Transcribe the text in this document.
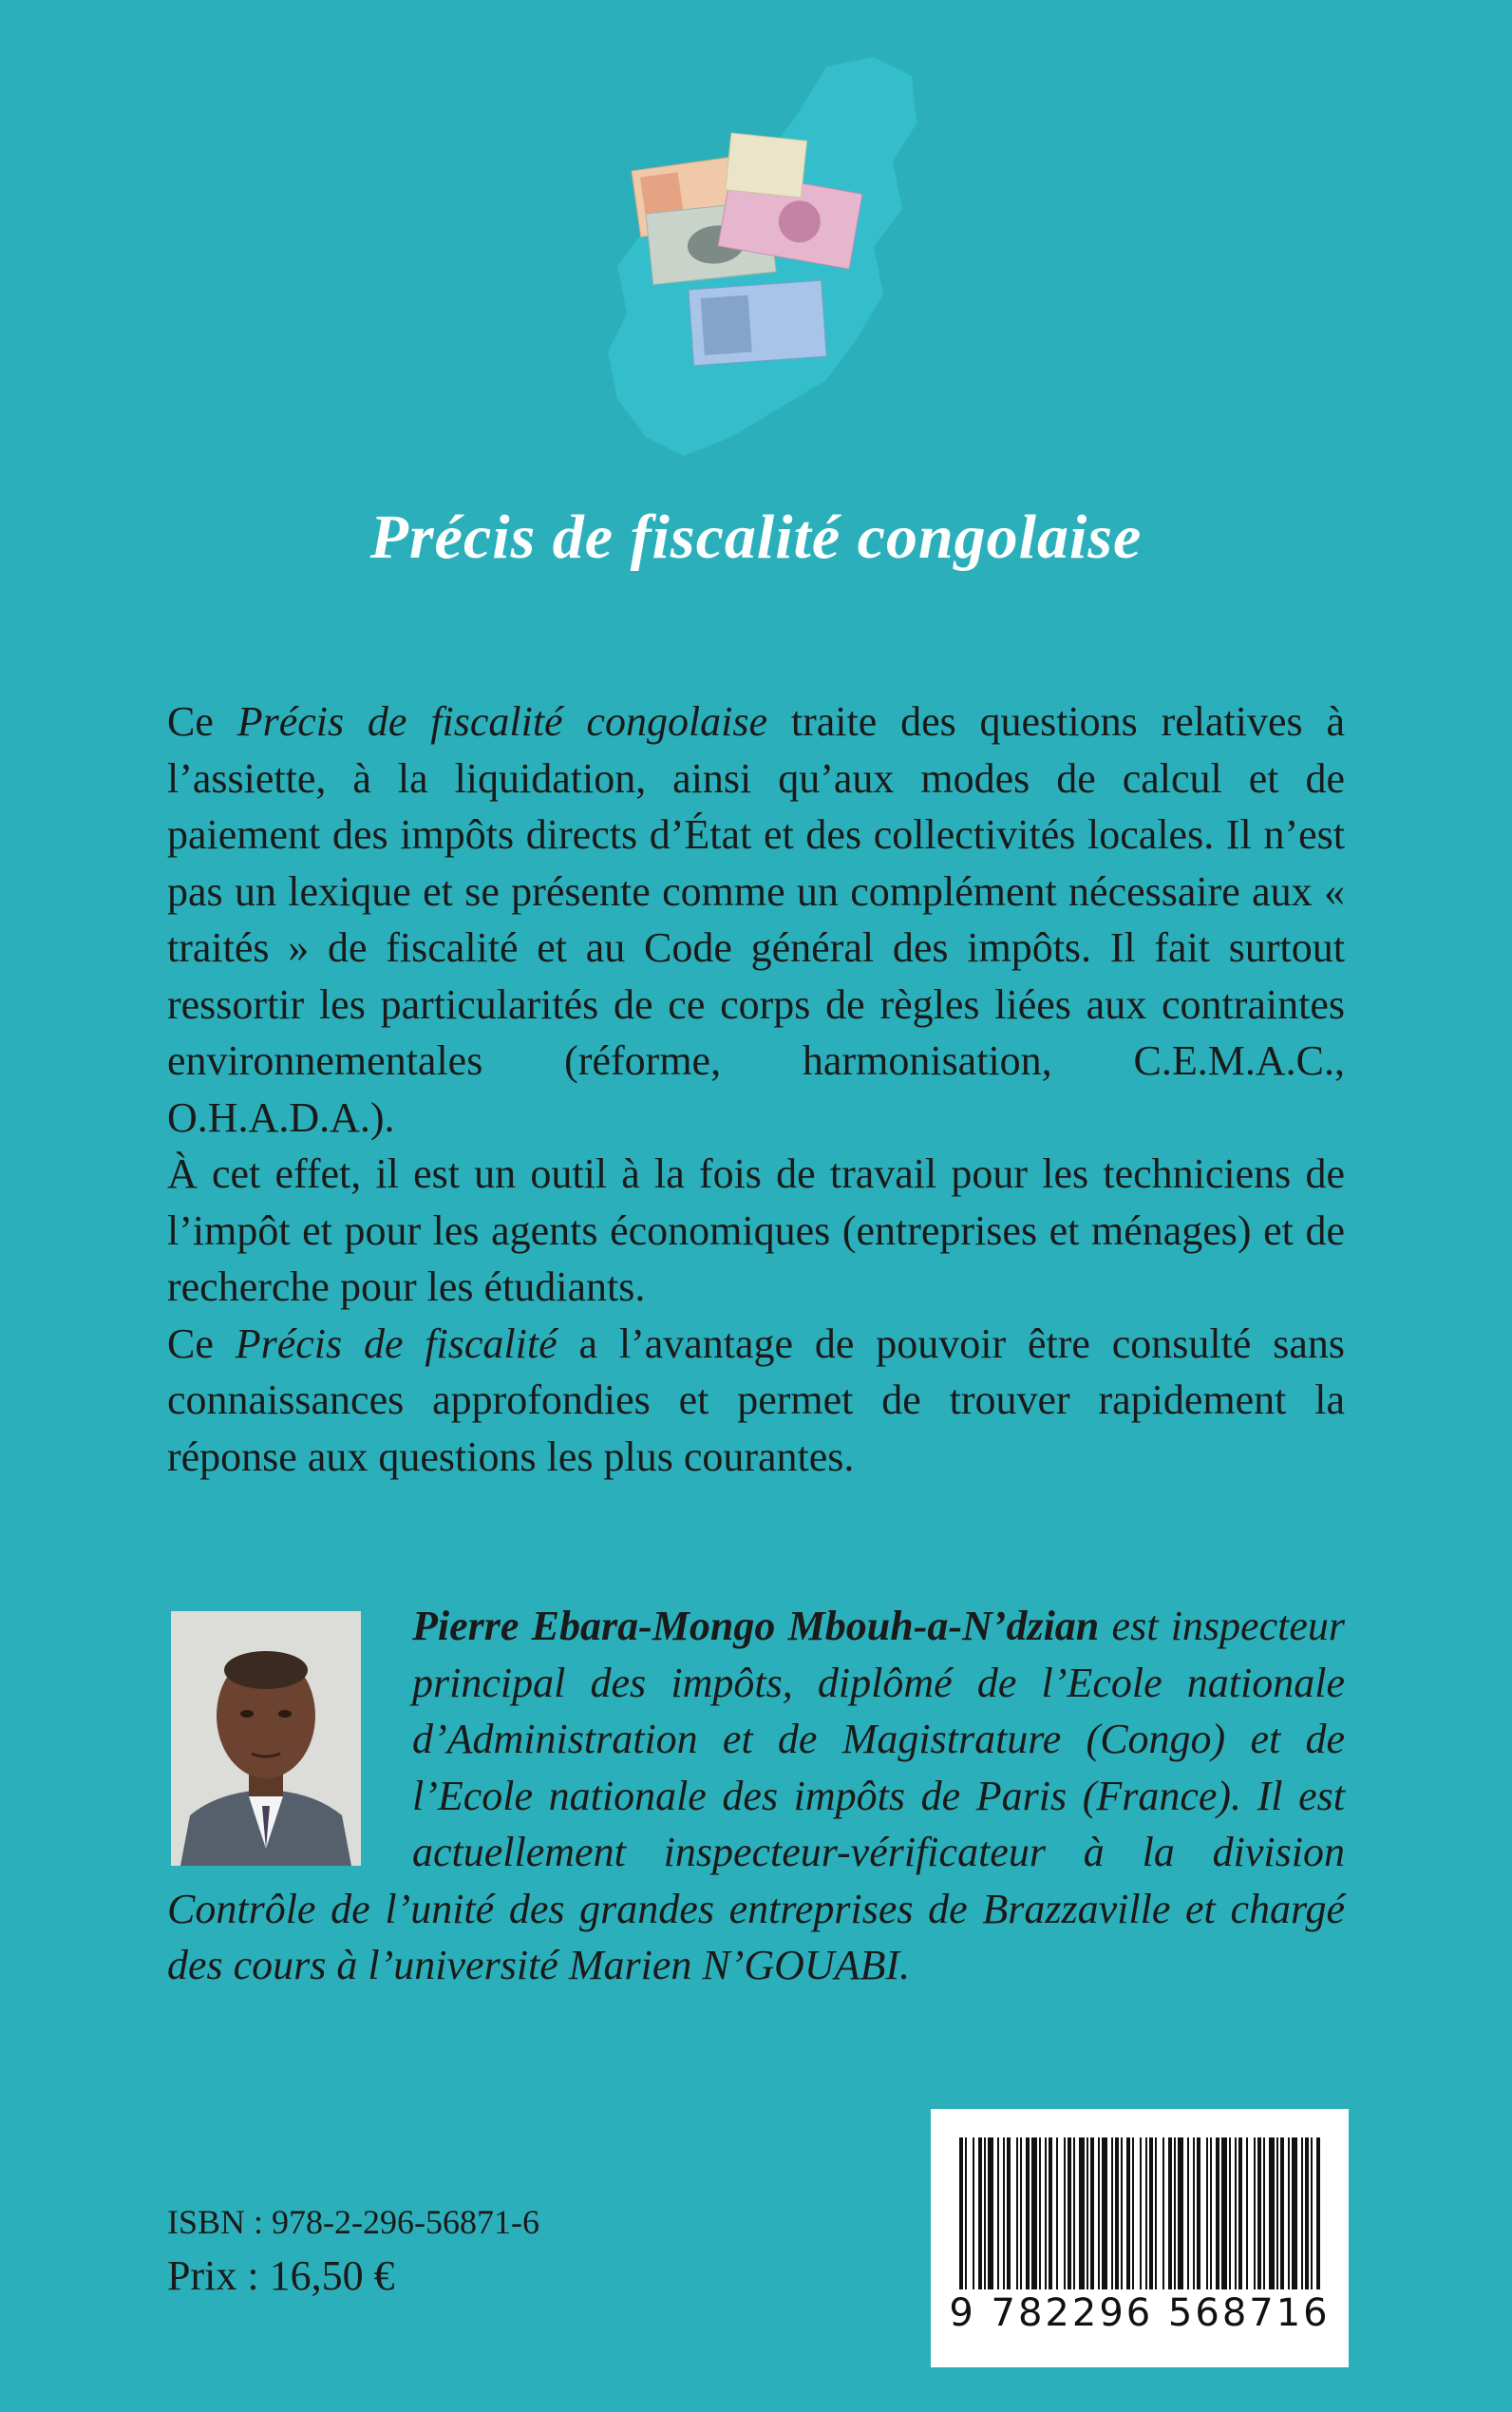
Précis de fiscalité congolaise

Ce Précis de fiscalité congolaise traite des questions relatives à l’assiette, à la liquidation, ainsi qu’aux modes de calcul et de paiement des impôts directs d’État et des collectivités locales. Il n’est pas un lexique et se présente comme un complément nécessaire aux « traités » de fiscalité et au Code général des impôts. Il fait surtout ressortir les particularités de ce corps de règles liées aux contraintes environnementales (réforme, harmonisation, C.E.M.A.C., O.H.A.D.A.).

À cet effet, il est un outil à la fois de travail pour les techniciens de l’impôt et pour les agents économiques (entreprises et ménages) et de recherche pour les étudiants.

Ce Précis de fiscalité a l’avantage de pouvoir être consulté sans connaissances approfondies et permet de trouver rapidement la réponse aux questions les plus courantes.

Pierre Ebara-Mongo Mbouh-a-N’dzian est inspecteur principal des impôts, diplômé de l’Ecole nationale d’Administration et de Magistrature (Congo) et de l’Ecole nationale des impôts de Paris (France). Il est actuellement inspecteur-vérificateur à la division Contrôle de l’unité des grandes entreprises de Brazzaville et chargé des cours à l’université Marien N’GOUABI.
ISBN : 978-2-296-56871-6
Prix : 16,50 €
9 782296 568716
